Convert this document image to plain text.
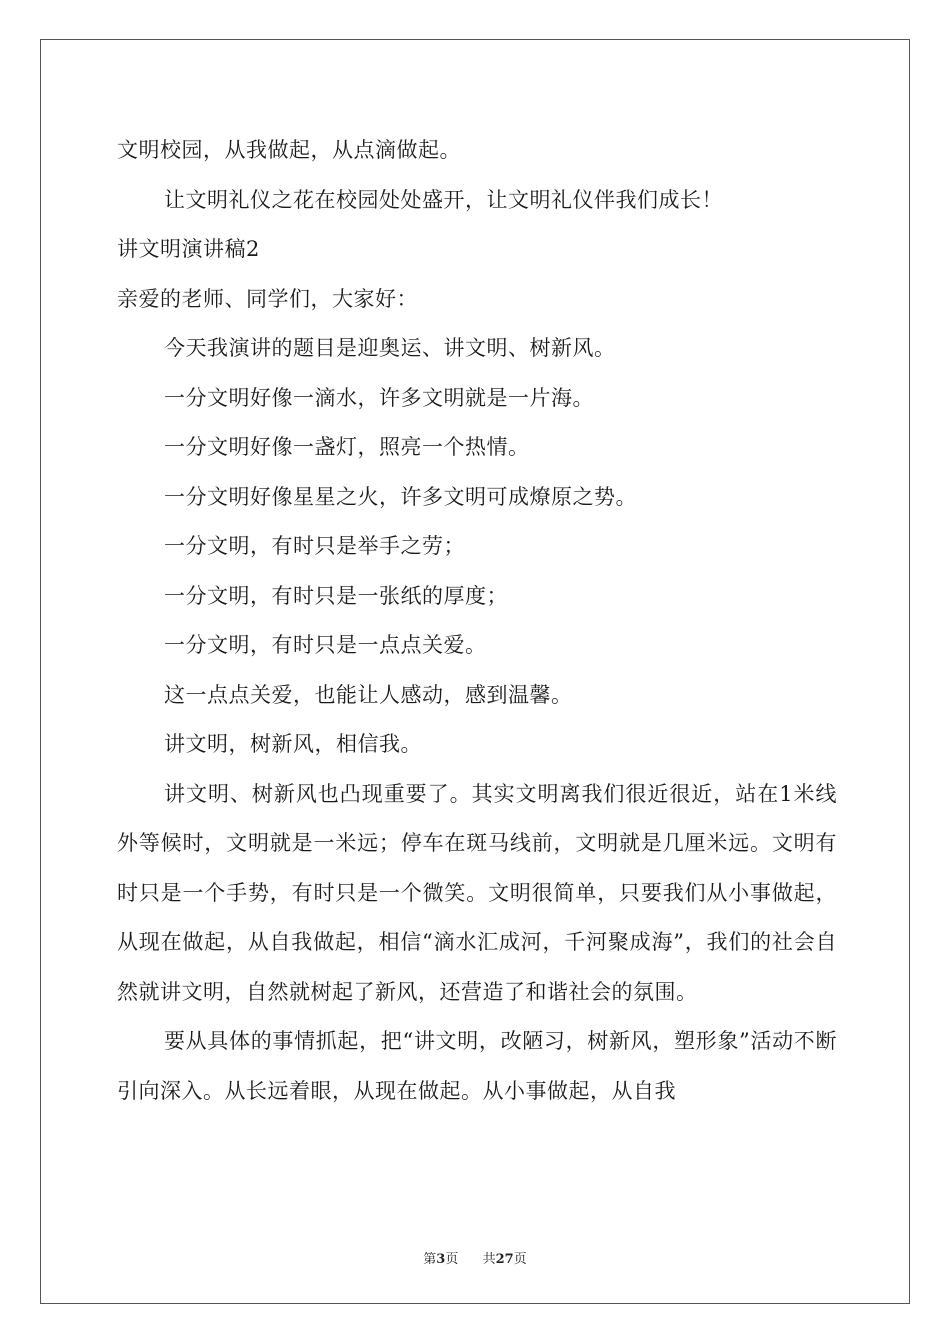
文明校园，从我做起，从点滴做起。
让文明礼仪之花在校园处处盛开，让文明礼仪伴我们成长！
讲文明演讲稿2
亲爱的老师、同学们，大家好：
今天我演讲的题目是迎奥运、讲文明、树新风。
一分文明好像一滴水，许多文明就是一片海。
一分文明好像一盏灯，照亮一个热情。
一分文明好像星星之火，许多文明可成燎原之势。
一分文明，有时只是举手之劳；
一分文明，有时只是一张纸的厚度；
一分文明，有时只是一点点关爱。
这一点点关爱，也能让人感动，感到温馨。
讲文明，树新风，相信我。
讲文明、树新风也凸现重要了。其实文明离我们很近很近，站在1米线外等候时，文明就是一米远；停车在斑马线前，文明就是几厘米远。文明有时只是一个手势，有时只是一个微笑。文明很简单，只要我们从小事做起，从现在做起，从自我做起，相信“滴水汇成河，千河聚成海”，我们的社会自然就讲文明，自然就树起了新风，还营造了和谐社会的氛围。
要从具体的事情抓起，把“讲文明，改陋习，树新风，塑形象”活动不断引向深入。从长远着眼，从现在做起。从小事做起，从自我
第3页 共27页
